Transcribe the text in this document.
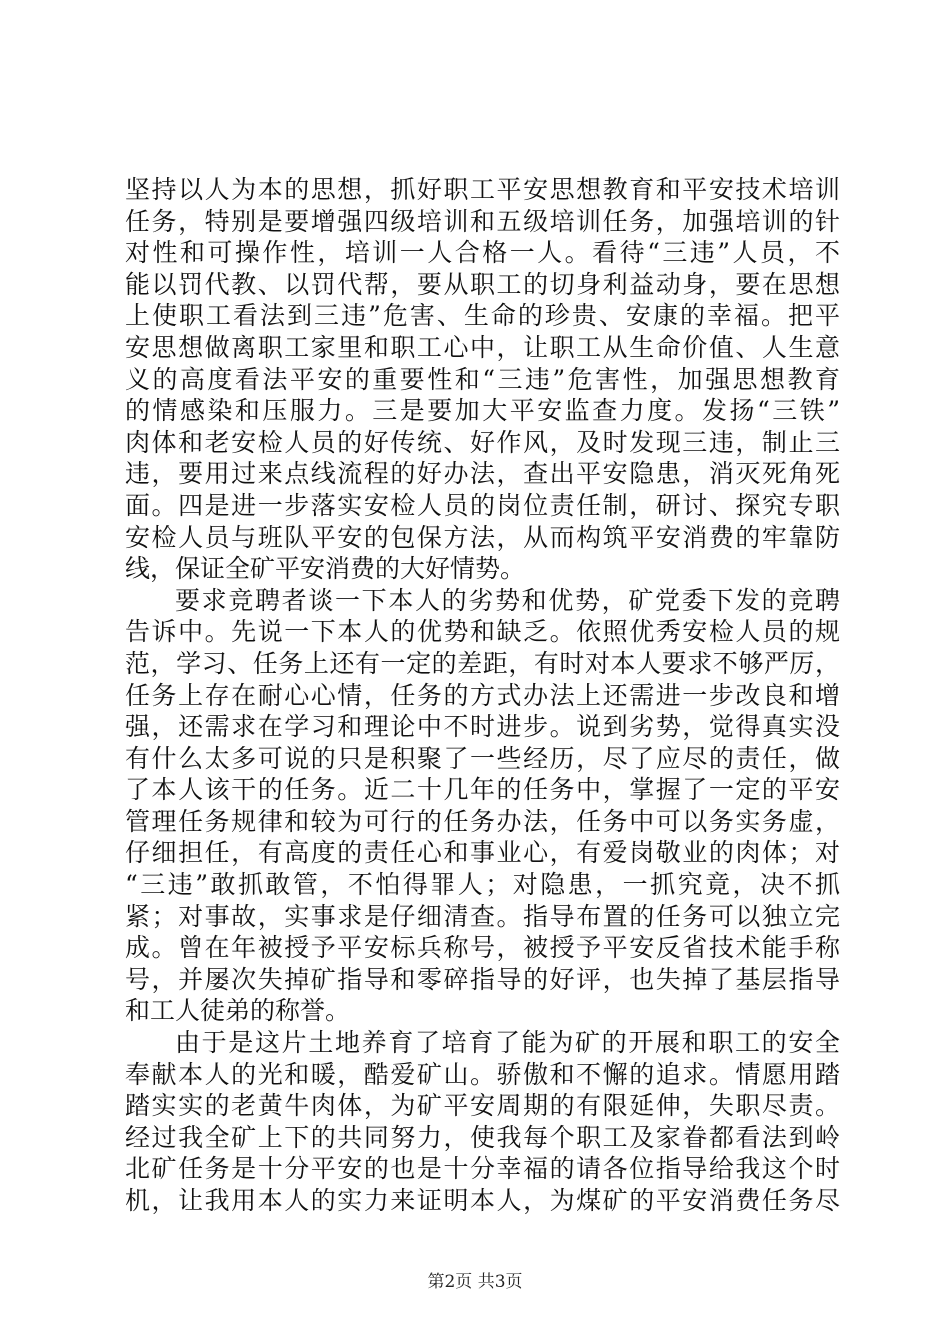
坚持以人为本的思想，抓好职工平安思想教育和平安技术培训
任务，特别是要增强四级培训和五级培训任务，加强培训的针
对性和可操作性，培训一人合格一人。看待“三违”人员，不
能以罚代教、以罚代帮，要从职工的切身利益动身，要在思想
上使职工看法到三违”危害、生命的珍贵、安康的幸福。把平
安思想做离职工家里和职工心中，让职工从生命价值、人生意
义的高度看法平安的重要性和“三违”危害性，加强思想教育
的情感染和压服力。三是要加大平安监查力度。发扬“三铁”
肉体和老安检人员的好传统、好作风，及时发现三违，制止三
违，要用过来点线流程的好办法，查出平安隐患，消灭死角死
面。四是进一步落实安检人员的岗位责任制，研讨、探究专职
安检人员与班队平安的包保方法，从而构筑平安消费的牢靠防
线，保证全矿平安消费的大好情势。
要求竞聘者谈一下本人的劣势和优势，矿党委下发的竞聘
告诉中。先说一下本人的优势和缺乏。依照优秀安检人员的规
范，学习、任务上还有一定的差距，有时对本人要求不够严厉，
任务上存在耐心心情，任务的方式办法上还需进一步改良和增
强，还需求在学习和理论中不时进步。说到劣势，觉得真实没
有什么太多可说的只是积聚了一些经历，尽了应尽的责任，做
了本人该干的任务。近二十几年的任务中，掌握了一定的平安
管理任务规律和较为可行的任务办法，任务中可以务实务虚，
仔细担任，有高度的责任心和事业心，有爱岗敬业的肉体；对
“三违”敢抓敢管，不怕得罪人；对隐患，一抓究竟，决不抓
紧；对事故，实事求是仔细清查。指导布置的任务可以独立完
成。曾在年被授予平安标兵称号，被授予平安反省技术能手称
号，并屡次失掉矿指导和零碎指导的好评，也失掉了基层指导
和工人徒弟的称誉。
由于是这片土地养育了培育了能为矿的开展和职工的安全
奉献本人的光和暖，酷爱矿山。骄傲和不懈的追求。情愿用踏
踏实实的老黄牛肉体，为矿平安周期的有限延伸，失职尽责。
经过我全矿上下的共同努力，使我每个职工及家眷都看法到岭
北矿任务是十分平安的也是十分幸福的请各位指导给我这个时
机，让我用本人的实力来证明本人，为煤矿的平安消费任务尽
第2页 共3页
